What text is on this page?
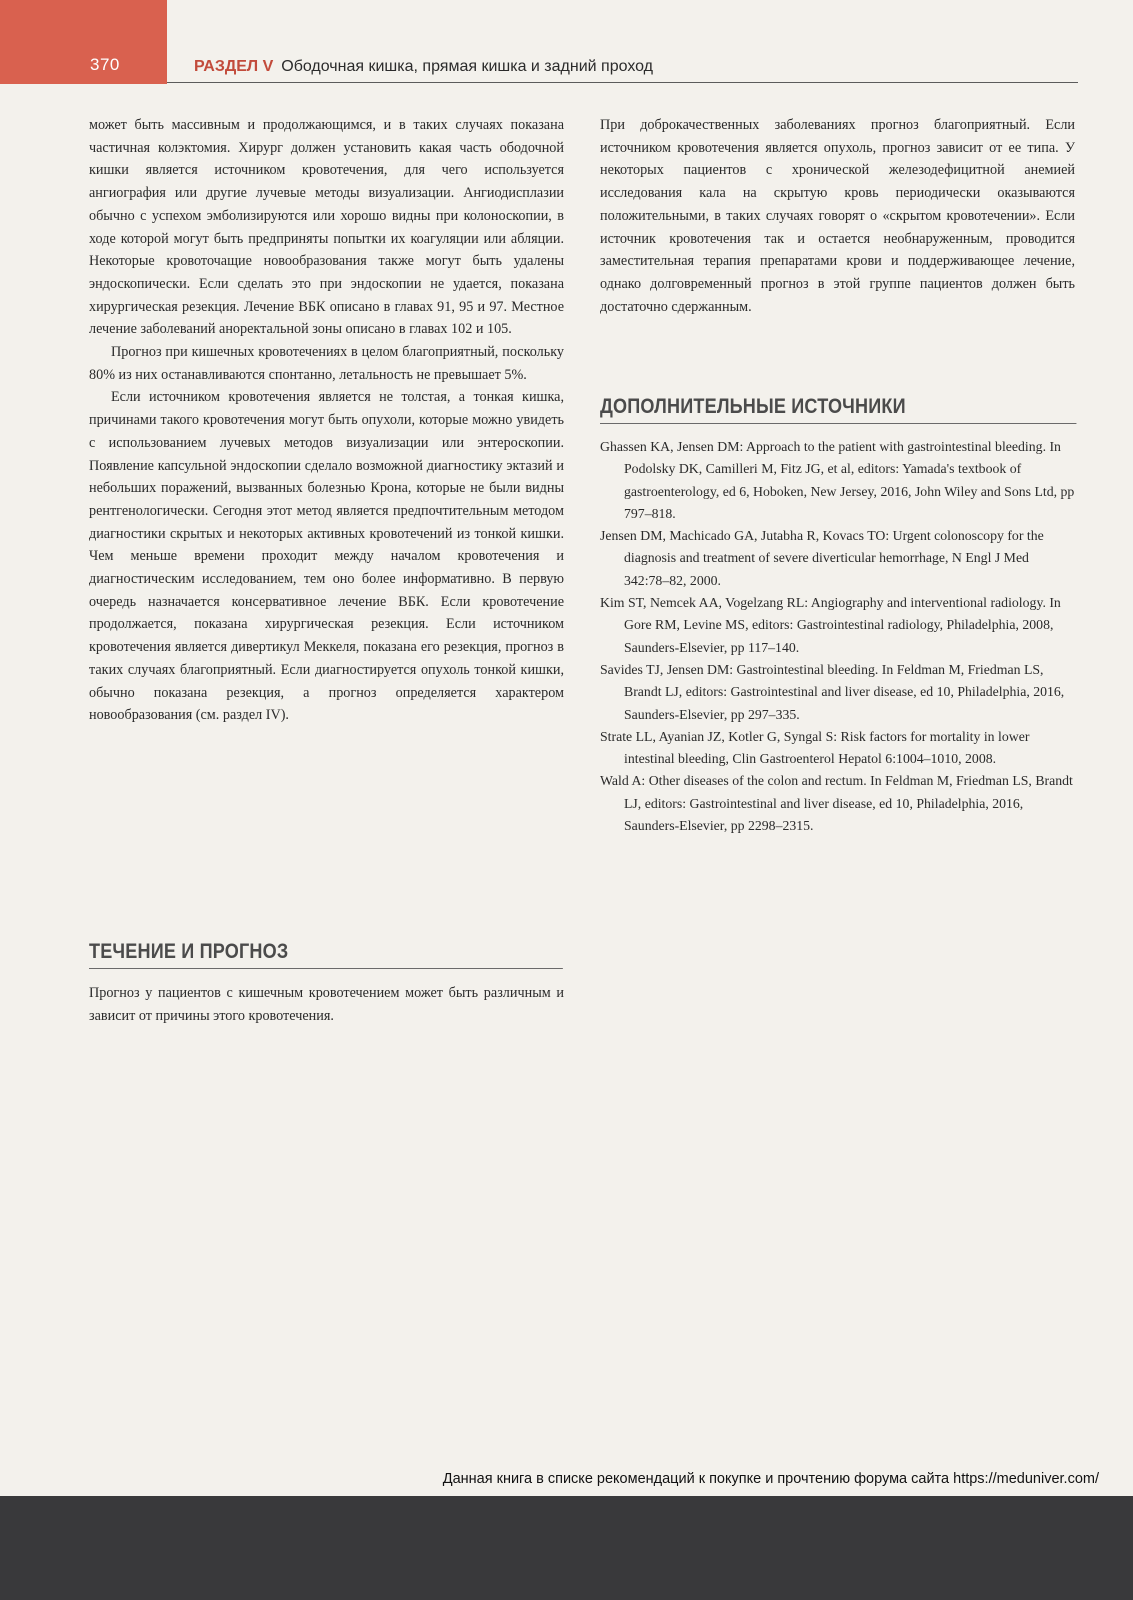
370	РАЗДЕЛ V Ободочная кишка, прямая кишка и задний проход

может быть массивным и продолжающимся, и в таких случаях показана частичная колэктомия. Хирург должен установить какая часть ободочной кишки является источником кровотечения, для чего используется ангиография или другие лучевые методы визуализации. Ангиодисплазии обычно с успехом эмболизируются или хорошо видны при колоноскопии, в ходе которой могут быть предприняты попытки их коагуляции или абляции. Некоторые кровоточащие новообразования также могут быть удалены эндоскопически. Если сделать это при эндоскопии не удается, показана хирургическая резекция. Лечение ВБК описано в главах 91, 95 и 97. Местное лечение заболеваний аноректальной зоны описано в главах 102 и 105.

Прогноз при кишечных кровотечениях в целом благоприятный, поскольку 80% из них останавливаются спонтанно, летальность не превышает 5%.

Если источником кровотечения является не толстая, а тонкая кишка, причинами такого кровотечения могут быть опухоли, которые можно увидеть с использованием лучевых методов визуализации или энтероскопии. Появление капсульной эндоскопии сделало возможной диагностику эктазий и небольших поражений, вызванных болезнью Крона, которые не были видны рентгенологически. Сегодня этот метод является предпочтительным методом диагностики скрытых и некоторых активных кровотечений из тонкой кишки. Чем меньше времени проходит между началом кровотечения и диагностическим исследованием, тем оно более информативно. В первую очередь назначается консервативное лечение ВБК. Если кровотечение продолжается, показана хирургическая резекция. Если источником кровотечения является дивертикул Меккеля, показана его резекция, прогноз в таких случаях благоприятный. Если диагностируется опухоль тонкой кишки, обычно показана резекция, а прогноз определяется характером новообразования (см. раздел IV).

ТЕЧЕНИЕ И ПРОГНОЗ

Прогноз у пациентов с кишечным кровотечением может быть различным и зависит от причины этого кровотечения.

При доброкачественных заболеваниях прогноз благоприятный. Если источником кровотечения является опухоль, прогноз зависит от ее типа. У некоторых пациентов с хронической железодефицитной анемией исследования кала на скрытую кровь периодически оказываются положительными, в таких случаях говорят о «скрытом кровотечении». Если источник кровотечения так и остается необнаруженным, проводится заместительная терапия препаратами крови и поддерживающее лечение, однако долговременный прогноз в этой группе пациентов должен быть достаточно сдержанным.

ДОПОЛНИТЕЛЬНЫЕ ИСТОЧНИКИ

Ghassen KA, Jensen DM: Approach to the patient with gastrointestinal bleeding. In Podolsky DK, Camilleri M, Fitz JG, et al, editors: Yamada's textbook of gastroenterology, ed 6, Hoboken, New Jersey, 2016, John Wiley and Sons Ltd, pp 797–818.

Jensen DM, Machicado GA, Jutabha R, Kovacs TO: Urgent colonoscopy for the diagnosis and treatment of severe diverticular hemorrhage, N Engl J Med 342:78–82, 2000.

Kim ST, Nemcek AA, Vogelzang RL: Angiography and interventional radiology. In Gore RM, Levine MS, editors: Gastrointestinal radiology, Philadelphia, 2008, Saunders-Elsevier, pp 117–140.

Savides TJ, Jensen DM: Gastrointestinal bleeding. In Feldman M, Friedman LS, Brandt LJ, editors: Gastrointestinal and liver disease, ed 10, Philadelphia, 2016, Saunders-Elsevier, pp 297–335.

Strate LL, Ayanian JZ, Kotler G, Syngal S: Risk factors for mortality in lower intestinal bleeding, Clin Gastroenterol Hepatol 6:1004–1010, 2008.

Wald A: Other diseases of the colon and rectum. In Feldman M, Friedman LS, Brandt LJ, editors: Gastrointestinal and liver disease, ed 10, Philadelphia, 2016, Saunders-Elsevier, pp 2298–2315.

Данная книга в списке рекомендаций к покупке и прочтению форума сайта https://meduniver.com/
